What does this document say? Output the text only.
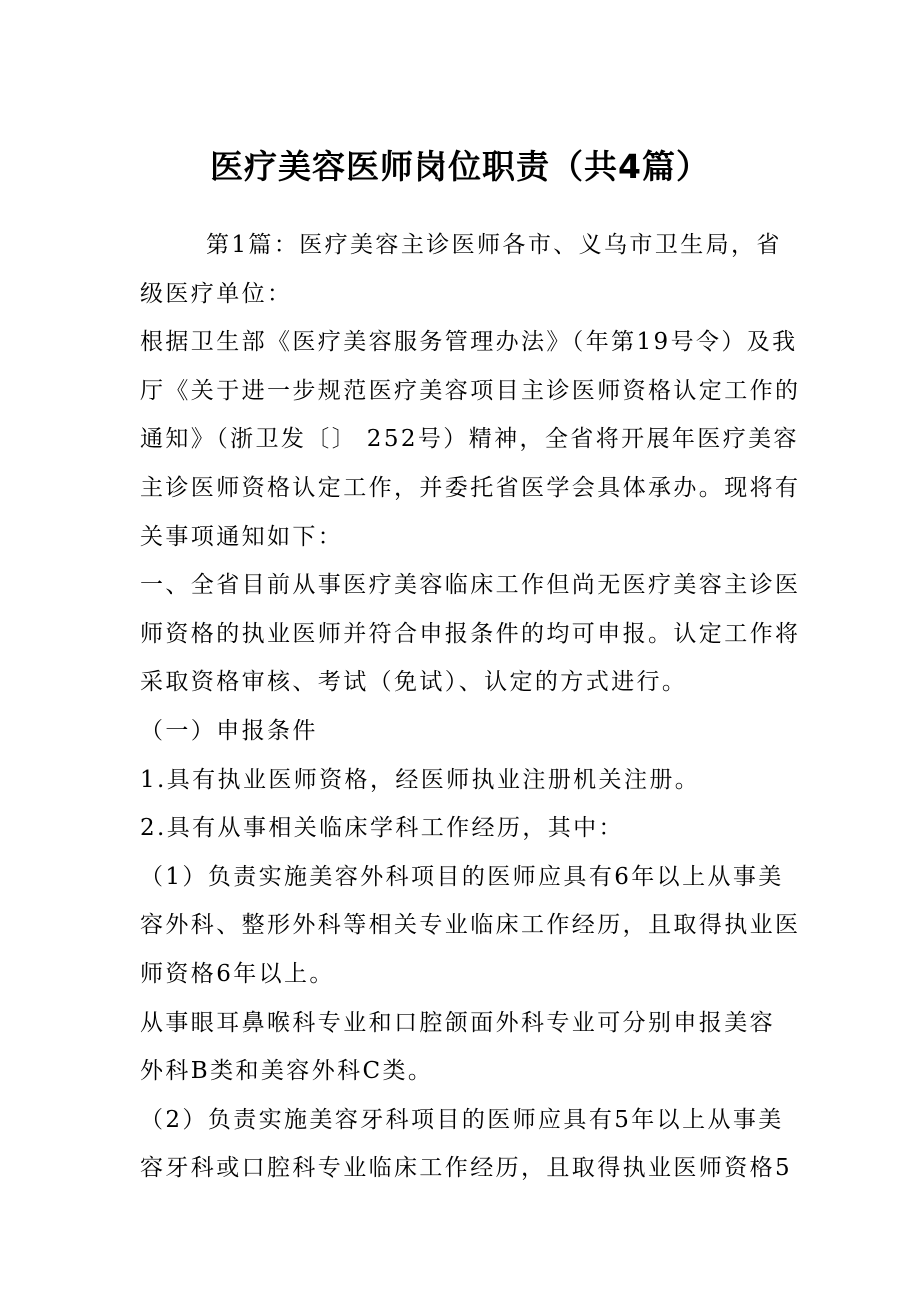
医疗美容医师岗位职责（共4篇）

第1篇：医疗美容主诊医师各市、义乌市卫生局，省

级医疗单位：

根据卫生部《医疗美容服务管理办法》（年第19号令）及我

厅《关于进一步规范医疗美容项目主诊医师资格认定工作的

通知》（浙卫发〔〕 252号）精神，全省将开展年医疗美容

主诊医师资格认定工作，并委托省医学会具体承办。现将有

关事项通知如下：

一、全省目前从事医疗美容临床工作但尚无医疗美容主诊医

师资格的执业医师并符合申报条件的均可申报。认定工作将

采取资格审核、考试（免试）、认定的方式进行。

（一）申报条件

1.具有执业医师资格，经医师执业注册机关注册。

2.具有从事相关临床学科工作经历，其中：

（1）负责实施美容外科项目的医师应具有6年以上从事美

容外科、整形外科等相关专业临床工作经历，且取得执业医

师资格6年以上。

从事眼耳鼻喉科专业和口腔颌面外科专业可分别申报美容

外科B类和美容外科C类。

（2）负责实施美容牙科项目的医师应具有5年以上从事美

容牙科或口腔科专业临床工作经历，且取得执业医师资格5
